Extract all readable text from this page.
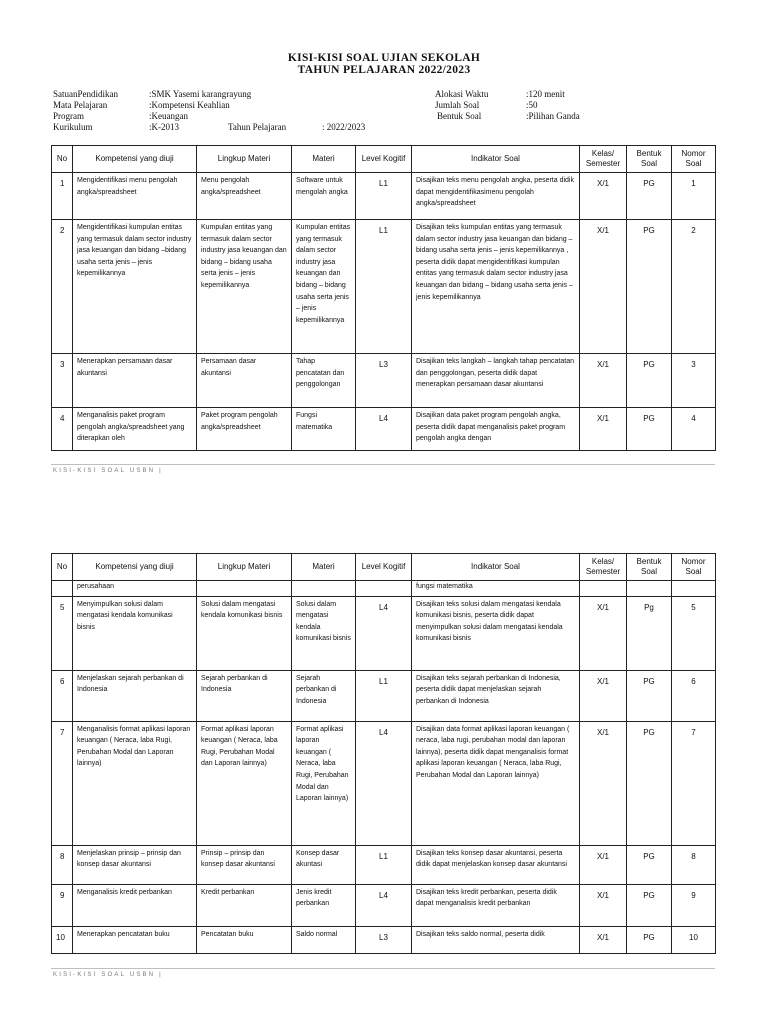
KISI-KISI SOAL UJIAN SEKOLAH
TAHUN PELAJARAN 2022/2023
SatuanPendidikan	:SMK Yasemi karangrayung
Mata Pelajaran	:Kompetensi Keahlian
Program	:Keuangan
Kurikulum	:K-2013	Tahun Pelajaran	: 2022/2023
Alokasi Waktu	:120 menit
Jumlah Soal	:50
Bentuk Soal	:Pilihan Ganda
No	Kompetensi yang diuji	Lingkup Materi	Materi	Level Kogitif	Indikator Soal	Kelas/ Semester	Bentuk Soal	Nomor Soal
1	Mengidentifikasi menu pengolah angka/spreadsheet	Menu pengolah angka/spreadsheet	Software untuk mengolah angka	L1	Disajikan teks menu pengolah angka, peserta didik dapat mengidentifikasimenu pengolah angka/spreadsheet	X/1	PG	1
2	Mengidentifikasi kumpulan entitas yang termasuk dalam sector industry jasa keuangan dan bidang –bidang usaha serta jenis – jenis kepemilikannya	Kumpulan entitas yang termasuk dalam sector industry jasa keuangan dan bidang – bidang usaha serta jenis – jenis kepemilikannya	Kumpulan entitas yang termasuk dalam sector industry jasa keuangan dan bidang – bidang usaha serta jenis – jenis kepemilikannya	L1	Disajikan teks kumpulan entitas yang termasuk dalam sector industry jasa keuangan dan bidang – bidang usaha serta jenis – jenis kepemilikannya , peserta didik dapat mengidentifikasi kumpulan entitas yang termasuk dalam sector industry jasa keuangan dan bidang – bidang usaha serta jenis – jenis kepemilikannya	X/1	PG	2
3	Menerapkan persamaan dasar akuntansi	Persamaan dasar akuntansi	Tahap pencatatan dan penggolongan	L3	Disajikan teks langkah – langkah tahap pencatatan dan penggolongan, peserta didik dapat menerapkan persamaan dasar akuntansi	X/1	PG	3
4	Menganalisis paket program pengolah angka/spreadsheet yang diterapkan oleh	Paket program pengolah angka/spreadsheet	Fungsi matematika	L4	Disajikan data paket program pengolah angka, peserta didik dapat menganalisis paket program pengolah angka dengan	X/1	PG	4
KISI-KISI SOAL USBN |
No	Kompetensi yang diuji	Lingkup Materi	Materi	Level Kogitif	Indikator Soal	Kelas/ Semester	Bentuk Soal	Nomor Soal
	perusahaan				fungsi matematika			
5	Menyimpulkan solusi dalam mengatasi kendala komunikasi bisnis	Solusi dalam mengatasi kendala komunikasi bisnis	Solusi dalam mengatasi kendala komunikasi bisnis	L4	Disajikan teks solusi dalam mengatasi kendala komunikasi bisnis, peserta didik dapat menyimpulkan solusi dalam mengatasi kendala komunikasi bisnis	X/1	Pg	5
6	Menjelaskan sejarah perbankan di Indonesia	Sejarah perbankan di Indonesia	Sejarah perbankan di Indonesia	L1	Disajikan teks sejarah perbankan di Indonesia, peserta didik dapat menjelaskan sejarah perbankan di Indonesia	X/1	PG	6
7	Menganalisis format aplikasi laporan keuangan ( Neraca, laba Rugi, Perubahan Modal dan Laporan lainnya)	Format aplikasi laporan keuangan ( Neraca, laba Rugi, Perubahan Modal dan Laporan lainnya)	Format aplikasi laporan keuangan ( Neraca, laba Rugi, Perubahan Modal dan Laporan lainnya)	L4	Disajikan data format aplikasi laporan keuangan ( neraca, laba rugi, perubahan modal dan laporan lainnya), peserta didik dapat menganalisis format aplikasi laporan keuangan ( Neraca, laba Rugi, Perubahan Modal dan Laporan lainnya)	X/1	PG	7
8	Menjelaskan prinsip – prinsip dan konsep dasar akuntansi	Prinsip – prinsip dan konsep dasar akuntansi	Konsep dasar akuntasi	L1	Disajikan teks konsep dasar akuntansi, peserta didik dapat menjelaskan konsep dasar akuntansi	X/1	PG	8
9	Menganalisis kredit perbankan	Kredit perbankan	Jenis kredit perbankan	L4	Disajikan teks kredit perbankan, peserta didik dapat menganalisis kredit perbankan	X/1	PG	9
10	Menerapkan pencatatan buku	Pencatatan buku	Saldo normal	L3	Disajikan teks saldo normal, peserta didik	X/1	PG	10
KISI-KISI SOAL USBN |
